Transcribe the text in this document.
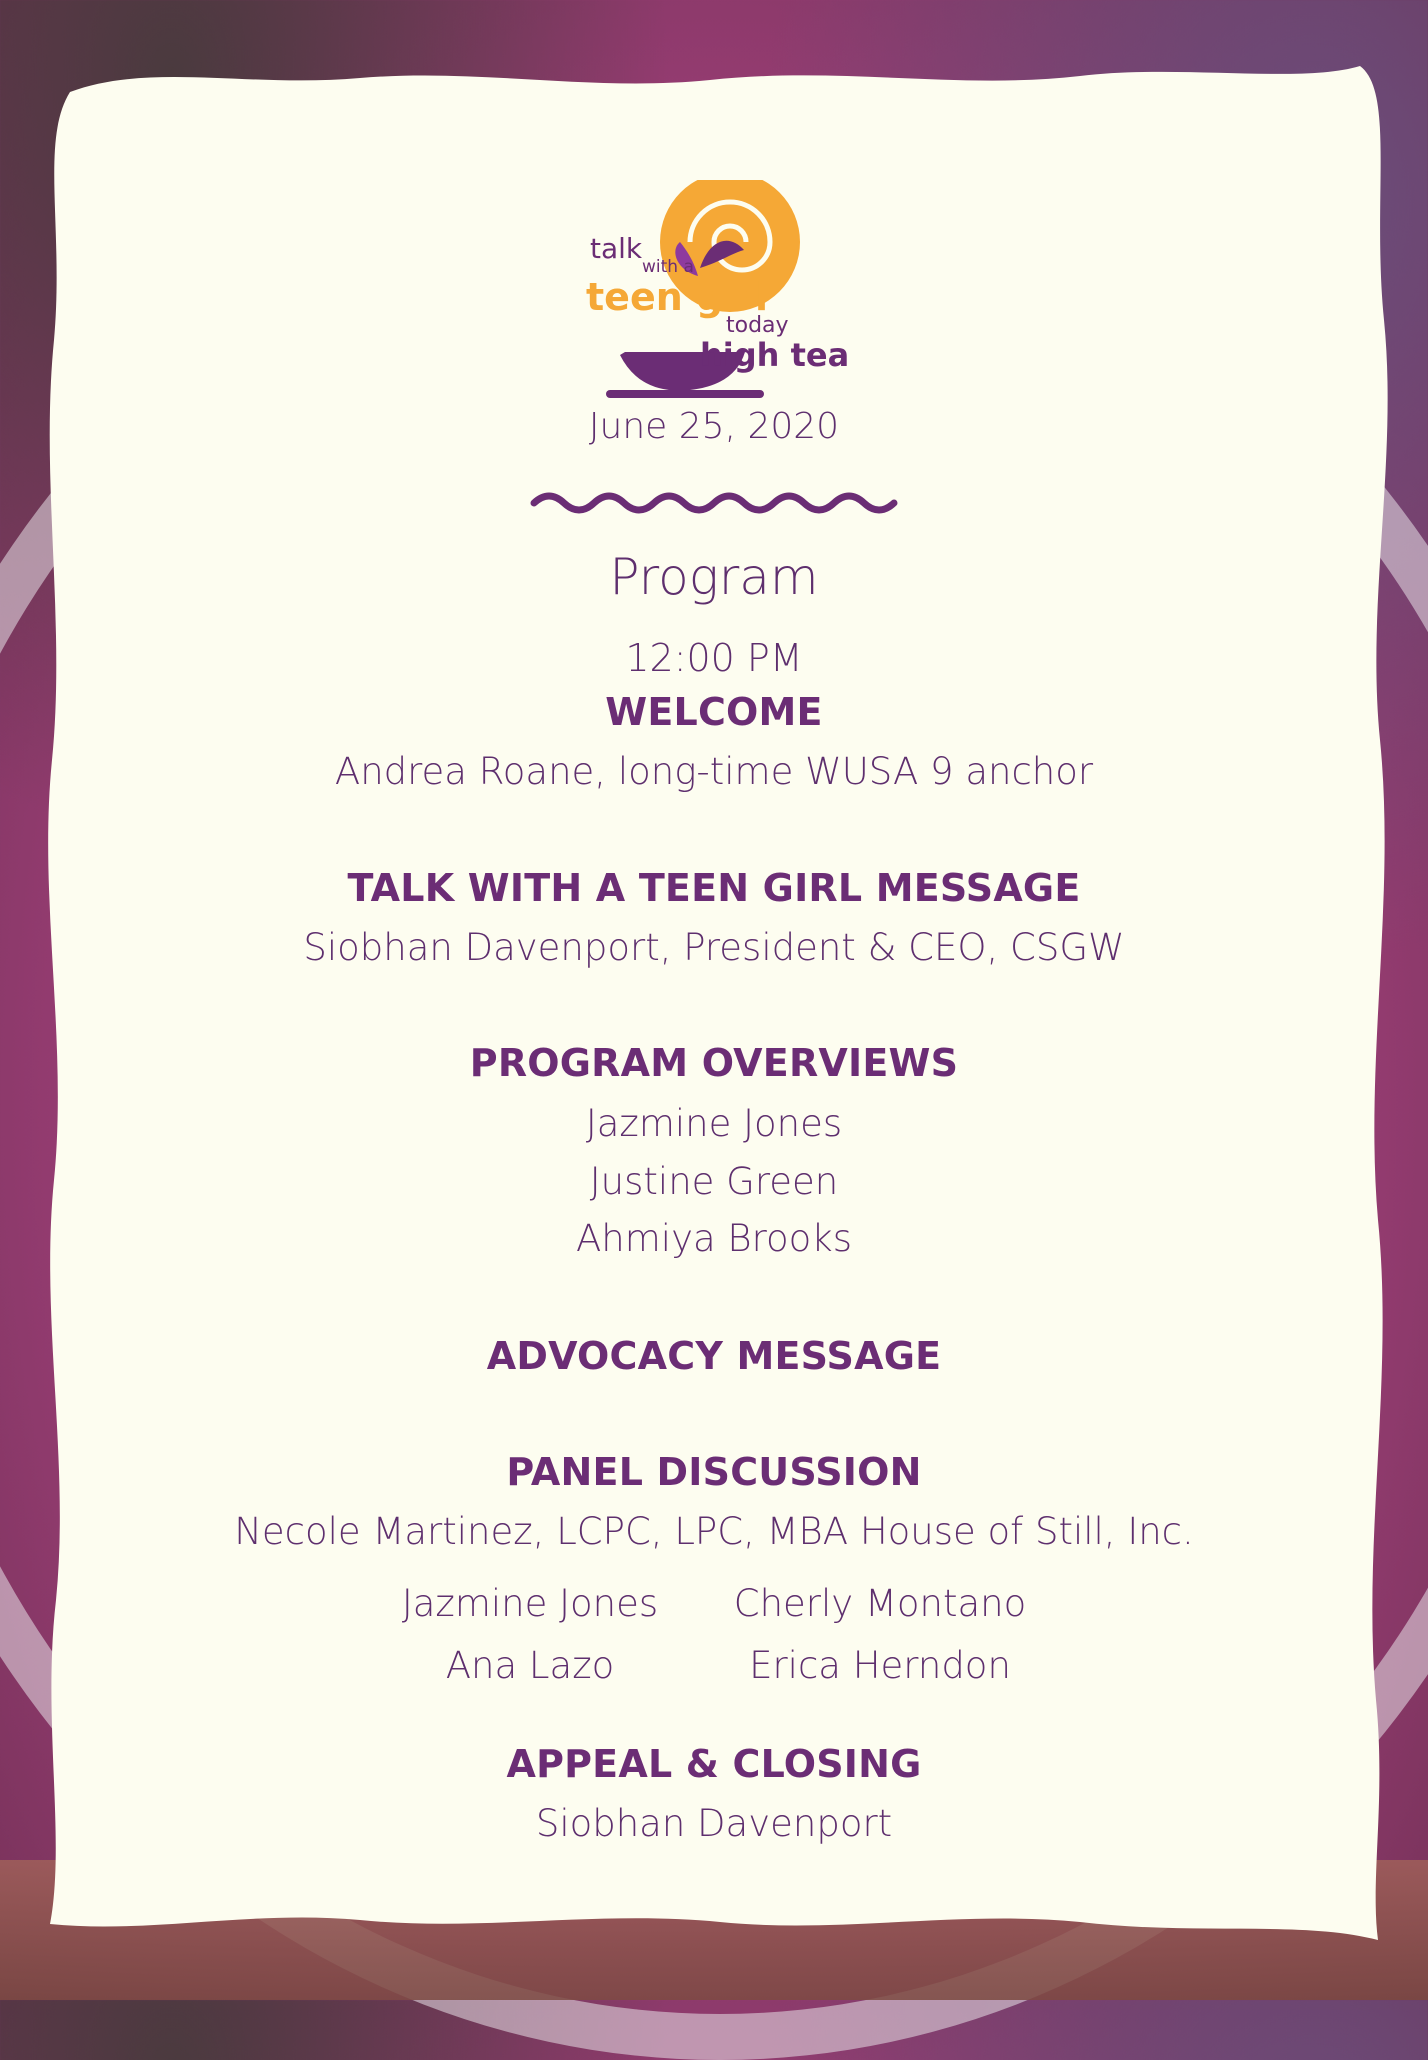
talk
with a
teen girl
today
high tea
June 25, 2020
Program
12:00 PM
WELCOME
Andrea Roane, long-time WUSA 9 anchor
TALK WITH A TEEN GIRL MESSAGE
Siobhan Davenport, President & CEO, CSGW
PROGRAM OVERVIEWS
Jazmine Jones
Justine Green
Ahmiya Brooks
ADVOCACY MESSAGE
PANEL DISCUSSION
Necole Martinez, LCPC, LPC, MBA House of Still, Inc.
Jazmine Jones	Cherly Montano
Ana Lazo	Erica Herndon
APPEAL & CLOSING
Siobhan Davenport
